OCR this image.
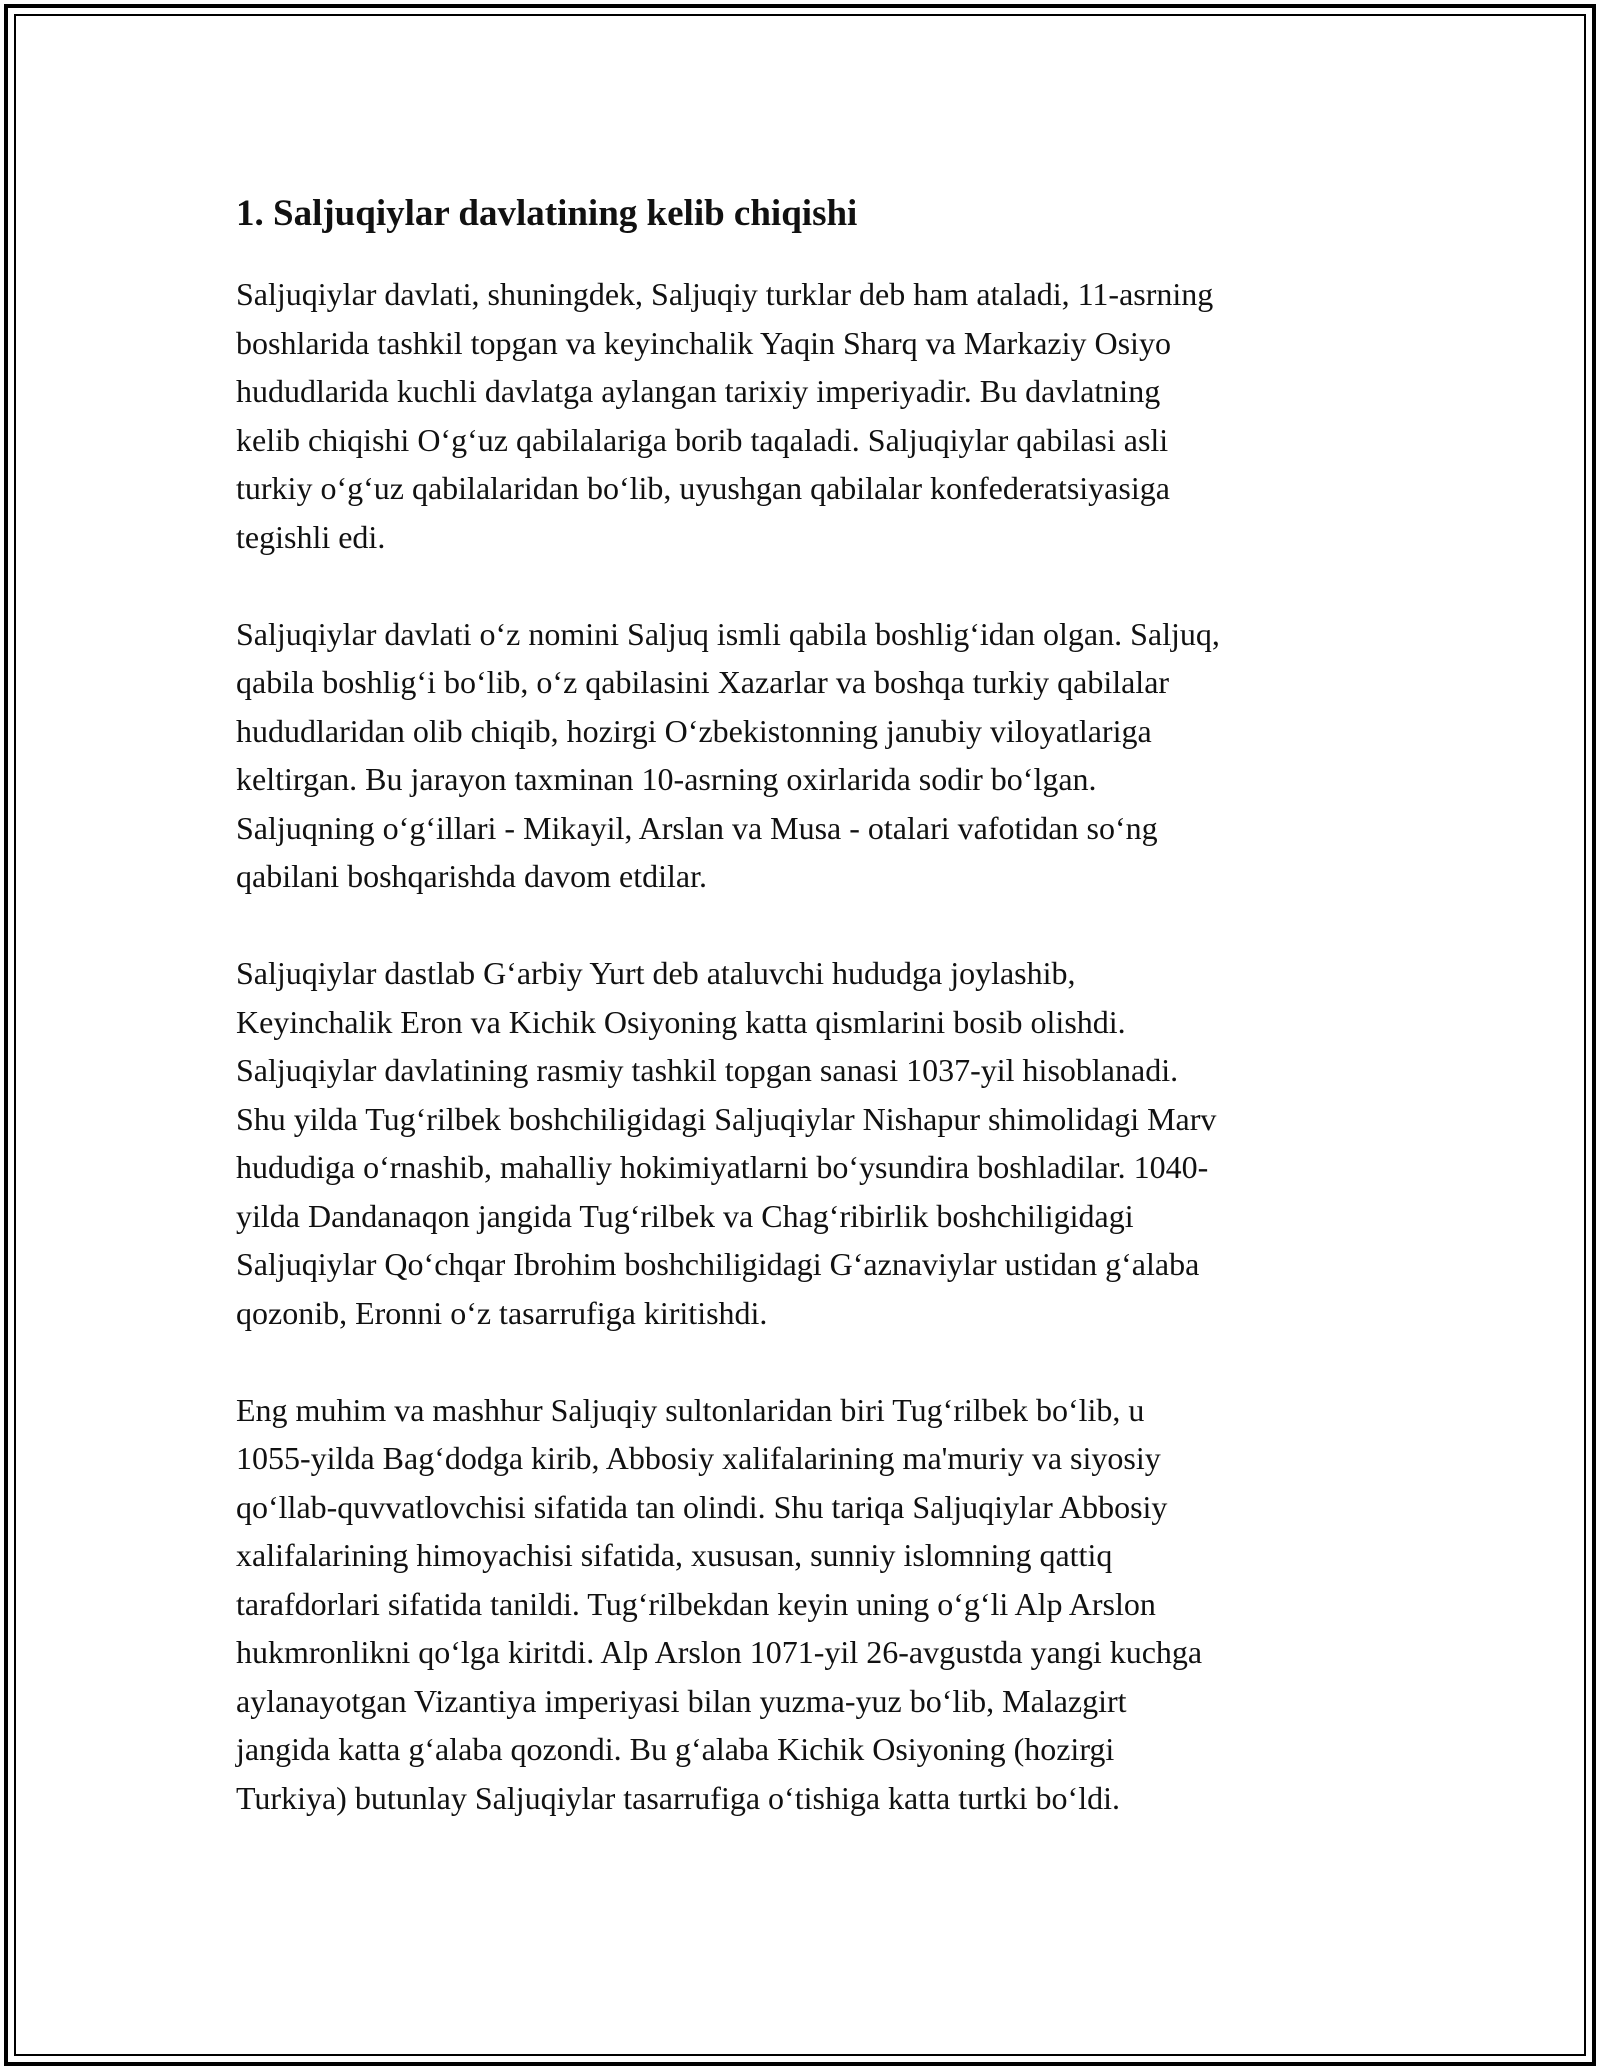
1. Saljuqiylar davlatining kelib chiqishi

Saljuqiylar davlati, shuningdek, Saljuqiy turklar deb ham ataladi, 11-asrning
boshlarida tashkil topgan va keyinchalik Yaqin Sharq va Markaziy Osiyo
hududlarida kuchli davlatga aylangan tarixiy imperiyadir. Bu davlatning
kelib chiqishi O‘g‘uz qabilalariga borib taqaladi. Saljuqiylar qabilasi asli
turkiy o‘g‘uz qabilalaridan bo‘lib, uyushgan qabilalar konfederatsiyasiga
tegishli edi.

Saljuqiylar davlati o‘z nomini Saljuq ismli qabila boshlig‘idan olgan. Saljuq,
qabila boshlig‘i bo‘lib, o‘z qabilasini Xazarlar va boshqa turkiy qabilalar
hududlaridan olib chiqib, hozirgi O‘zbekistonning janubiy viloyatlariga
keltirgan. Bu jarayon taxminan 10-asrning oxirlarida sodir bo‘lgan.
Saljuqning o‘g‘illari - Mikayil, Arslan va Musa - otalari vafotidan so‘ng
qabilani boshqarishda davom etdilar.

Saljuqiylar dastlab G‘arbiy Yurt deb ataluvchi hududga joylashib,
Keyinchalik Eron va Kichik Osiyoning katta qismlarini bosib olishdi.
Saljuqiylar davlatining rasmiy tashkil topgan sanasi 1037-yil hisoblanadi.
Shu yilda Tug‘rilbek boshchiligidagi Saljuqiylar Nishapur shimolidagi Marv
hududiga o‘rnashib, mahalliy hokimiyatlarni bo‘ysundira boshladilar. 1040-
yilda Dandanaqon jangida Tug‘rilbek va Chag‘ribirlik boshchiligidagi
Saljuqiylar Qo‘chqar Ibrohim boshchiligidagi G‘aznaviylar ustidan g‘alaba
qozonib, Eronni o‘z tasarrufiga kiritishdi.

Eng muhim va mashhur Saljuqiy sultonlaridan biri Tug‘rilbek bo‘lib, u
1055-yilda Bag‘dodga kirib, Abbosiy xalifalarining ma'muriy va siyosiy
qo‘llab-quvvatlovchisi sifatida tan olindi. Shu tariqa Saljuqiylar Abbosiy
xalifalarining himoyachisi sifatida, xususan, sunniy islomning qattiq
tarafdorlari sifatida tanildi. Tug‘rilbekdan keyin uning o‘g‘li Alp Arslon
hukmronlikni qo‘lga kiritdi. Alp Arslon 1071-yil 26-avgustda yangi kuchga
aylanayotgan Vizantiya imperiyasi bilan yuzma-yuz bo‘lib, Malazgirt
jangida katta g‘alaba qozondi. Bu g‘alaba Kichik Osiyoning (hozirgi
Turkiya) butunlay Saljuqiylar tasarrufiga o‘tishiga katta turtki bo‘ldi.
